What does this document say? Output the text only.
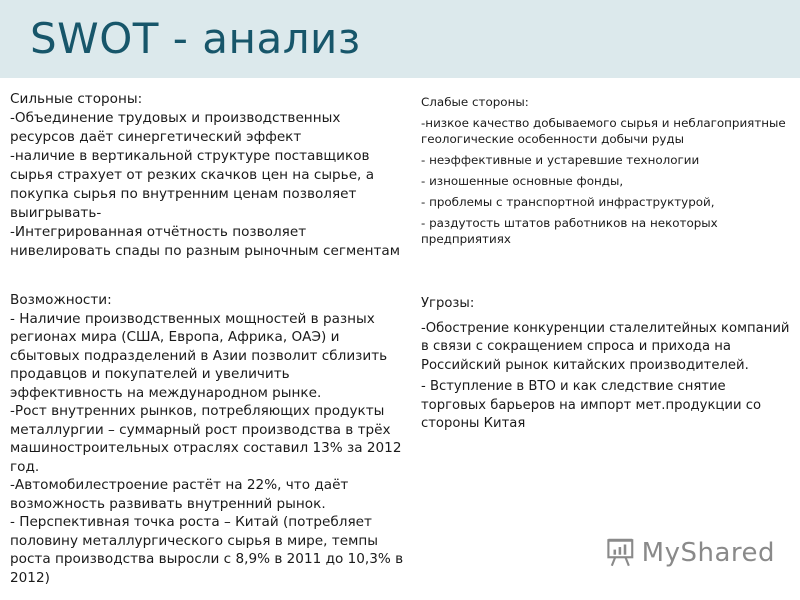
SWOT - анализ

Сильные стороны:

-Объединение трудовых и производственных ресурсов даёт синергетический эффект

-наличие в вертикальной структуре поставщиков сырья страхует от резких скачков цен на сырье, а покупка сырья по внутренним ценам позволяет выигрывать-

-Интегрированная отчётность позволяет нивелировать спады по разным рыночным сегментам

Слабые стороны:

-низкое качество добываемого сырья и неблагоприятные геологические особенности добычи руды

- неэффективные и устаревшие технологии

- изношенные основные фонды,

- проблемы с транспортной инфраструктурой,

- раздутость штатов работников на некоторых предприятиях

Возможности:

- Наличие производственных мощностей в разных регионах мира (США, Европа, Африка, ОАЭ) и сбытовых подразделений в Азии позволит сблизить продавцов и покупателей и увеличить эффективность на международном рынке.

-Рост внутренних рынков, потребляющих продукты металлургии – суммарный рост производства в трёх машиностроительных отраслях составил 13% за 2012 год.

-Автомобилестроение растёт на 22%, что даёт возможность развивать внутренний рынок.

- Перспективная точка роста – Китай (потребляет половину металлургического сырья в мире, темпы роста производства выросли с 8,9% в 2011 до 10,3% в 2012)

Угрозы:

-Обострение конкуренции сталелитейных компаний в связи с сокращением спроса и прихода на Российский рынок китайских производителей.

- Вступление в ВТО и как следствие снятие торговых барьеров на импорт мет.продукции со стороны Китая

MyShared
